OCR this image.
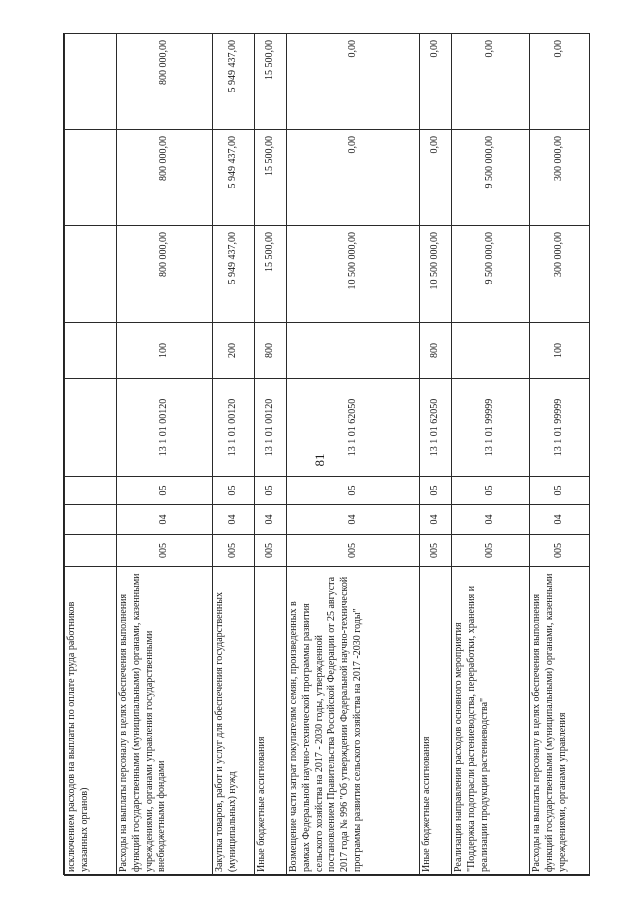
81
исключением расходов на выплаты по оплате труда работников указанных органов)								
Расходы на выплаты персоналу в целях обеспечения выполнения функций государственными (муниципальными) органами, казенными учреждениями, органами управления государственными внебюджетными фондами	005	04	05	13 1 01 00120	100	800 000,00	800 000,00	800 000,00
Закупка товаров, работ и услуг для обеспечения государственных (муниципальных) нужд	005	04	05	13 1 01 00120	200	5 949 437,00	5 949 437,00	5 949 437,00
Иные бюджетные ассигнования	005	04	05	13 1 01 00120	800	15 500,00	15 500,00	15 500,00
Возмещение части затрат покупателям семян, произведенных в рамках Федеральной научно-технической программы развития сельского хозяйства на 2017 - 2030 годы, утвержденной постановлением Правительства Российской Федерации от 25 августа 2017 года № 996 "Об утверждении Федеральной научно-технической программы развития сельского хозяйства на 2017 -2030 годы"	005	04	05	13 1 01 62050		10 500 000,00	0,00	0,00
Иные бюджетные ассигнования	005	04	05	13 1 01 62050	800	10 500 000,00	0,00	0,00
Реализация направления расходов основного мероприятия "Поддержка подотрасли растениеводства, переработки, хранения и реализации продукции растениеводства"	005	04	05	13 1 01 99999		9 500 000,00	9 500 000,00	0,00
Расходы на выплаты персоналу в целях обеспечения выполнения функций государственными (муниципальными) органами, казенными учреждениями, органами управления	005	04	05	13 1 01 99999	100	300 000,00	300 000,00	0,00
